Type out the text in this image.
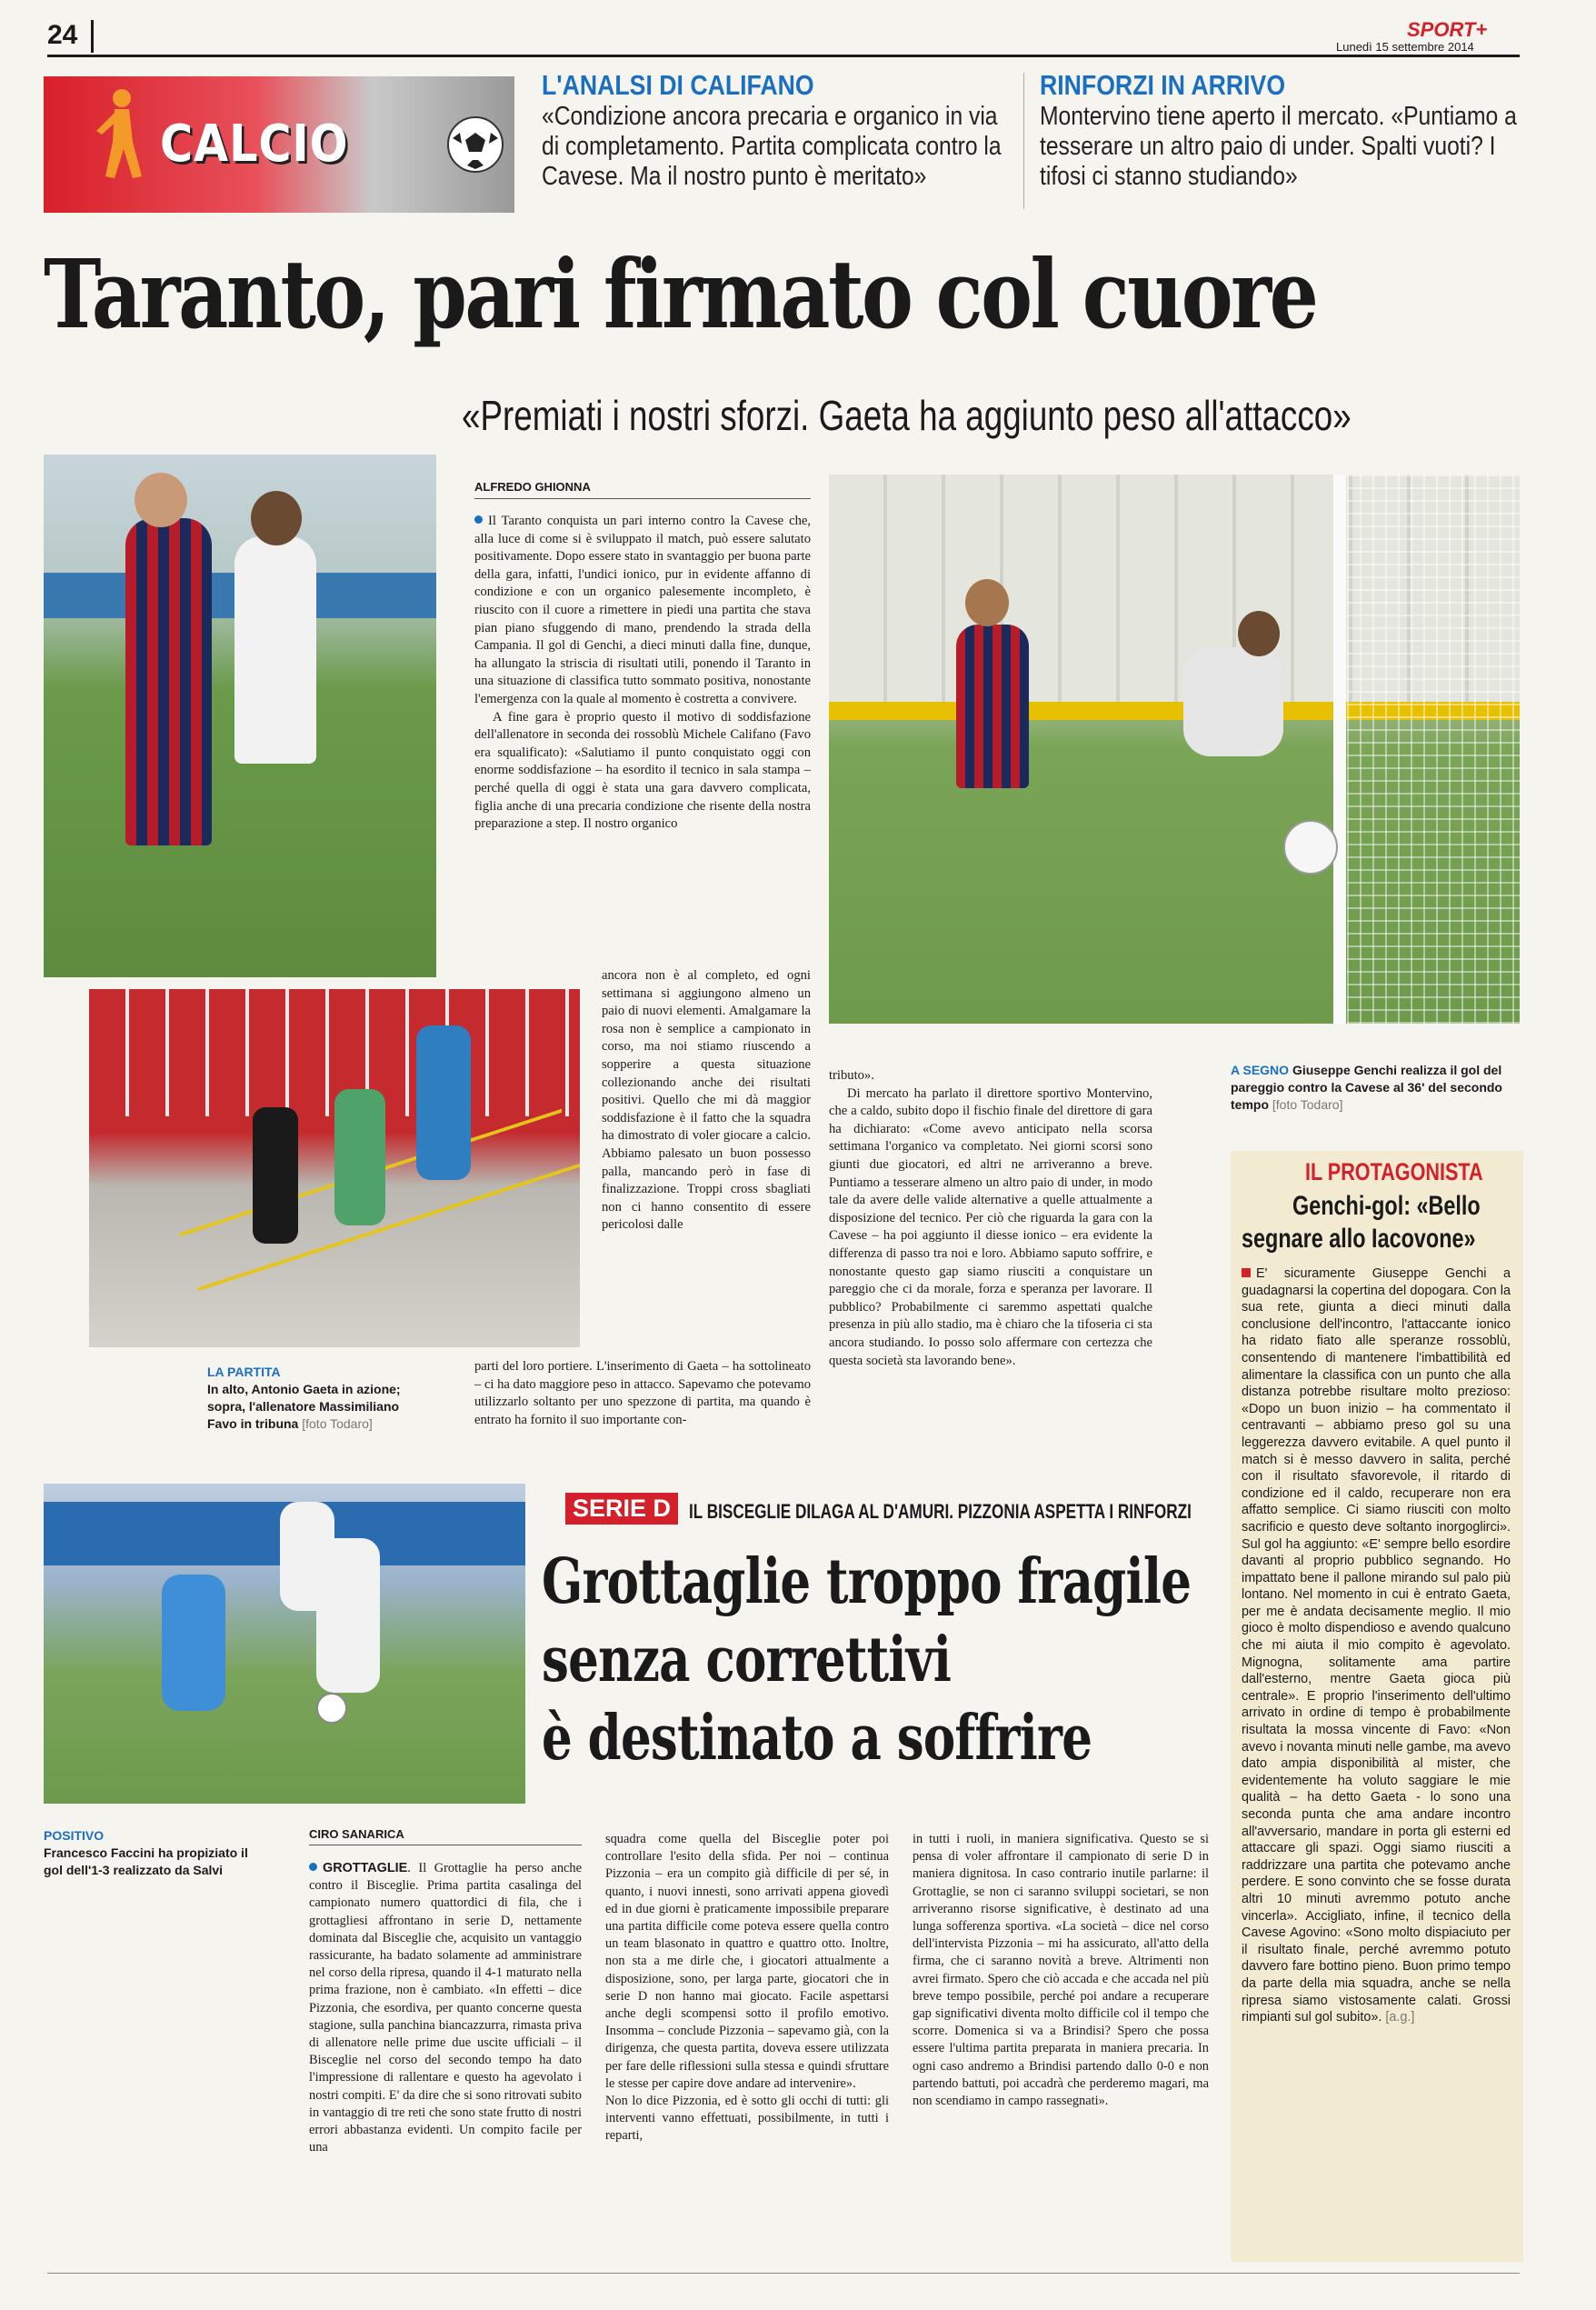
24	SPORT+
Lunedì 15 settembre 2014
CALCIO
L'ANALSI DI CALIFANO
«Condizione ancora precaria e organico in via di completamento. Partita complicata contro la Cavese. Ma il nostro punto è meritato»
RINFORZI IN ARRIVO
Montervino tiene aperto il mercato. «Puntiamo a tesserare un altro paio di under. Spalti vuoti? I tifosi ci stanno studiando»
Taranto, pari firmato col cuore
«Premiati i nostri sforzi. Gaeta ha aggiunto peso all'attacco»
ALFREDO GHIONNA

Il Taranto conquista un pari interno contro la Cavese che, alla luce di come si è sviluppato il match, può essere salutato positivamente. Dopo essere stato in svantaggio per buona parte della gara, infatti, l'undici ionico, pur in evidente affanno di condizione e con un organico palesemente incompleto, è riuscito con il cuore a rimettere in piedi una partita che stava pian piano sfuggendo di mano, prendendo la strada della Campania. Il gol di Genchi, a dieci minuti dalla fine, dunque, ha allungato la striscia di risultati utili, ponendo il Taranto in una situazione di classifica tutto sommato positiva, nonostante l'emergenza con la quale al momento è costretta a convivere.

A fine gara è proprio questo il motivo di soddisfazione dell'allenatore in seconda dei rossoblù Michele Califano (Favo era squalificato): «Salutiamo il punto conquistato oggi con enorme soddisfazione – ha esordito il tecnico in sala stampa – perché quella di oggi è stata una gara davvero complicata, figlia anche di una precaria condizione che risente della nostra preparazione a step. Il nostro organico

ancora non è al completo, ed ogni settimana si aggiungono almeno un paio di nuovi elementi. Amalgamare la rosa non è semplice a campionato in corso, ma noi stiamo riuscendo a sopperire a questa situazione collezionando anche dei risultati positivi. Quello che mi dà maggior soddisfazione è il fatto che la squadra ha dimostrato di voler giocare a calcio. Abbiamo palesato un buon possesso palla, mancando però in fase di finalizzazione. Troppi cross sbagliati non ci hanno consentito di essere pericolosi dalle

parti del loro portiere. L'inserimento di Gaeta – ha sottolineato – ci ha dato maggiore peso in attacco. Sapevamo che potevamo utilizzarlo soltanto per uno spezzone di partita, ma quando è entrato ha fornito il suo importante con-

tributo».

Di mercato ha parlato il direttore sportivo Montervino, che a caldo, subito dopo il fischio finale del direttore di gara ha dichiarato: «Come avevo anticipato nella scorsa settimana l'organico va completato. Nei giorni scorsi sono giunti due giocatori, ed altri ne arriveranno a breve. Puntiamo a tesserare almeno un altro paio di under, in modo tale da avere delle valide alternative a quelle attualmente a disposizione del tecnico. Per ciò che riguarda la gara con la Cavese – ha poi aggiunto il diesse ionico – era evidente la differenza di passo tra noi e loro. Abbiamo saputo soffrire, e nonostante questo gap siamo riusciti a conquistare un pareggio che ci da morale, forza e speranza per lavorare. Il pubblico? Probabilmente ci saremmo aspettati qualche presenza in più allo stadio, ma è chiaro che la tifoseria ci sta ancora studiando. Io posso solo affermare con certezza che questa società sta lavorando bene».

LA PARTITA
In alto, Antonio Gaeta in azione; sopra, l'allenatore Massimiliano Favo in tribuna [foto Todaro]
A SEGNO Giuseppe Genchi realizza il gol del pareggio contro la Cavese al 36' del secondo tempo [foto Todaro]
IL PROTAGONISTA
Genchi-gol: «Bello
segnare allo Iacovone»
E' sicuramente Giuseppe Genchi a guadagnarsi la copertina del dopogara. Con la sua rete, giunta a dieci minuti dalla conclusione dell'incontro, l'attaccante ionico ha ridato fiato alle speranze rossoblù, consentendo di mantenere l'imbattibilità ed alimentare la classifica con un punto che alla distanza potrebbe risultare molto prezioso: «Dopo un buon inizio – ha commentato il centravanti – abbiamo preso gol su una leggerezza davvero evitabile. A quel punto il match si è messo davvero in salita, perché con il risultato sfavorevole, il ritardo di condizione ed il caldo, recuperare non era affatto semplice. Ci siamo riusciti con molto sacrificio e questo deve soltanto inorgoglirci». Sul gol ha aggiunto: «E' sempre bello esordire davanti al proprio pubblico segnando. Ho impattato bene il pallone mirando sul palo più lontano. Nel momento in cui è entrato Gaeta, per me è andata decisamente meglio. Il mio gioco è molto dispendioso e avendo qualcuno che mi aiuta il mio compito è agevolato. Mignogna, solitamente ama partire dall'esterno, mentre Gaeta gioca più centrale». E proprio l'inserimento dell'ultimo arrivato in ordine di tempo è probabilmente risultata la mossa vincente di Favo: «Non avevo i novanta minuti nelle gambe, ma avevo dato ampia disponibilità al mister, che evidentemente ha voluto saggiare le mie qualità – ha detto Gaeta - lo sono una seconda punta che ama andare incontro all'avversario, mandare in porta gli esterni ed attaccare gli spazi. Oggi siamo riusciti a raddrizzare una partita che potevamo anche perdere. E sono convinto che se fosse durata altri 10 minuti avremmo potuto anche vincerla». Accigliato, infine, il tecnico della Cavese Agovino: «Sono molto dispiaciuto per il risultato finale, perché avremmo potuto davvero fare bottino pieno. Buon primo tempo da parte della mia squadra, anche se nella ripresa siamo vistosamente calati. Grossi rimpianti sul gol subito». [a.g.]
SERIE D IL BISCEGLIE DILAGA AL D'AMURI. PIZZONIA ASPETTA I RINFORZI
Grottaglie troppo fragile
senza correttivi
è destinato a soffrire
POSITIVO
Francesco Faccini ha propiziato il gol dell'1-3 realizzato da Salvi
CIRO SANARICA

GROTTAGLIE. Il Grottaglie ha perso anche contro il Bisceglie. Prima partita casalinga del campionato numero quattordici di fila, che i grottagliesi affrontano in serie D, nettamente dominata dal Bisceglie che, acquisito un vantaggio rassicurante, ha badato solamente ad amministrare nel corso della ripresa, quando il 4-1 maturato nella prima frazione, non è cambiato. «In effetti – dice Pizzonia, che esordiva, per quanto concerne questa stagione, sulla panchina biancazzurra, rimasta priva di allenatore nelle prime due uscite ufficiali – il Bisceglie nel corso del secondo tempo ha dato l'impressione di rallentare e questo ha agevolato i nostri compiti. E' da dire che si sono ritrovati subito in vantaggio di tre reti che sono state frutto di nostri errori abbastanza evidenti. Un compito facile per una

squadra come quella del Bisceglie poter poi controllare l'esito della sfida. Per noi – continua Pizzonia – era un compito già difficile di per sé, in quanto, i nuovi innesti, sono arrivati appena giovedì ed in due giorni è praticamente impossibile preparare una partita difficile come poteva essere quella contro un team blasonato in quattro e quattro otto. Inoltre, non sta a me dirle che, i giocatori attualmente a disposizione, sono, per larga parte, giocatori che in serie D non hanno mai giocato. Facile aspettarsi anche degli scompensi sotto il profilo emotivo. Insomma – conclude Pizzonia – sapevamo già, con la dirigenza, che questa partita, doveva essere utilizzata per fare delle riflessioni sulla stessa e quindi sfruttare le stesse per capire dove andare ad intervenire».
Non lo dice Pizzonia, ed è sotto gli occhi di tutti: gli interventi vanno effettuati, possibilmente, in tutti i reparti,
in tutti i ruoli, in maniera significativa. Questo se si pensa di voler affrontare il campionato di serie D in maniera dignitosa. In caso contrario inutile parlarne: il Grottaglie, se non ci saranno sviluppi societari, se non arriveranno risorse significative, è destinato ad una lunga sofferenza sportiva. «La società – dice nel corso dell'intervista Pizzonia – mi ha assicurato, all'atto della firma, che ci saranno novità a breve. Altrimenti non avrei firmato. Spero che ciò accada e che accada nel più breve tempo possibile, perché poi andare a recuperare gap significativi diventa molto difficile col il tempo che scorre. Domenica si va a Brindisi? Spero che possa essere l'ultima partita preparata in maniera precaria. In ogni caso andremo a Brindisi partendo dallo 0-0 e non partendo battuti, poi accadrà che perderemo magari, ma non scendiamo in campo rassegnati».
